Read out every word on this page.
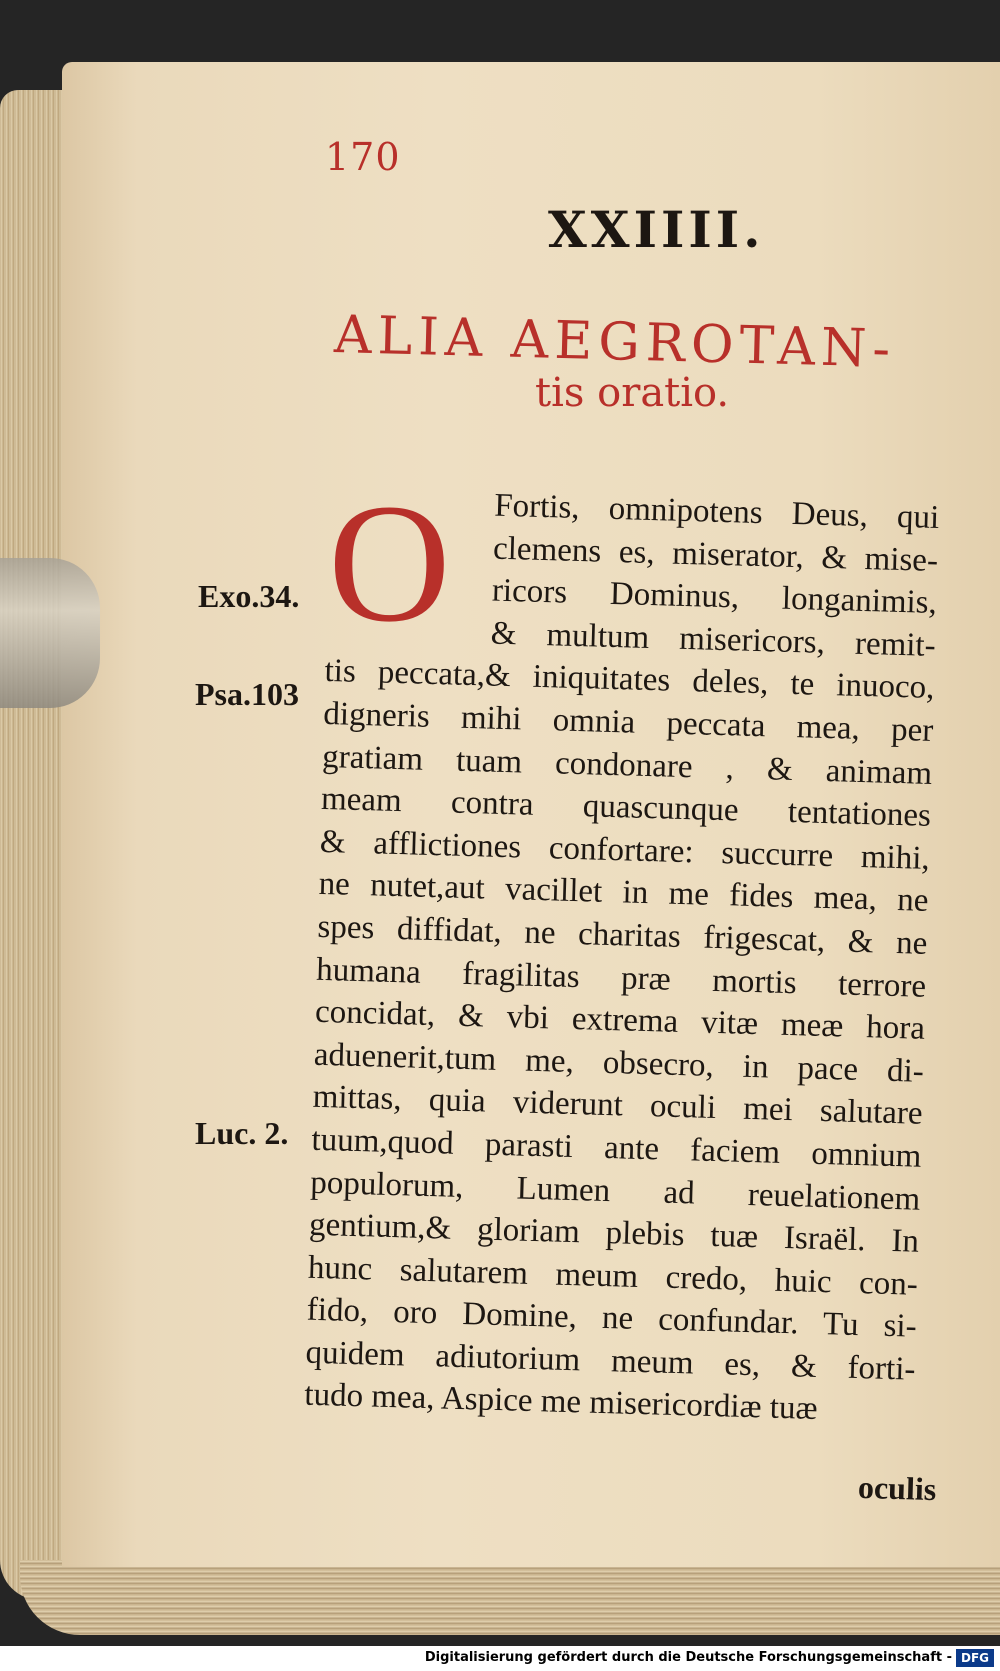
170
XXIIII.
ALIA AEGROTAN-
tis oratio.
O
Exo.34.
Psa.103
Luc. 2.
Fortis, omnipotens Deus, qui
clemens es, miserator, & mise-
ricors Dominus, longanimis,
& multum misericors, remit-
tis peccata,& iniquitates deles, te inuoco,
digneris mihi omnia peccata mea, per
gratiam tuam condonare , & animam
meam contra quascunque tentationes
& afflictiones confortare: succurre mihi,
ne nutet,aut vacillet in me fides mea, ne
spes diffidat, ne charitas frigescat, & ne
humana fragilitas præ mortis terrore
concidat, & vbi extrema vitæ meæ hora
aduenerit,tum me, obsecro, in pace di-
mittas, quia viderunt oculi mei salutare
tuum,quod parasti ante faciem omnium
populorum, Lumen ad reuelationem
gentium,& gloriam plebis tuæ Israël. In
hunc salutarem meum credo, huic con-
fido, oro Domine, ne confundar. Tu si-
quidem adiutorium meum es, & forti-
tudo mea, Aspice me misericordiæ tuæ
oculis
Digitalisierung gefördert durch die Deutsche Forschungsgemeinschaft - DFG
